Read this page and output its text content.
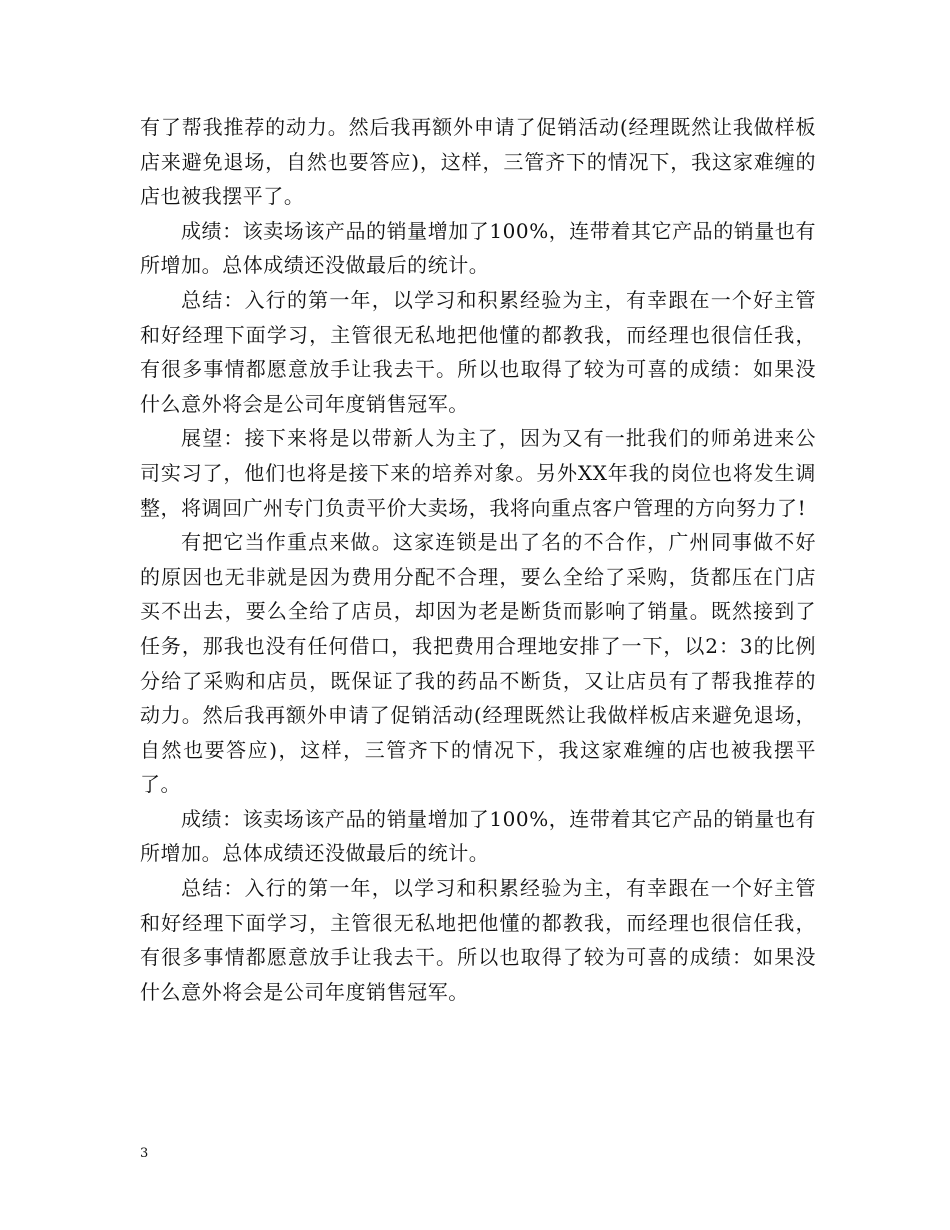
有了帮我推荐的动力。然后我再额外申请了促销活动(经理既然让我做样板店来避免退场，自然也要答应)，这样，三管齐下的情况下，我这家难缠的店也被我摆平了。

成绩：该卖场该产品的销量增加了100%，连带着其它产品的销量也有所增加。总体成绩还没做最后的统计。

总结：入行的第一年，以学习和积累经验为主，有幸跟在一个好主管和好经理下面学习，主管很无私地把他懂的都教我，而经理也很信任我，有很多事情都愿意放手让我去干。所以也取得了较为可喜的成绩：如果没什么意外将会是公司年度销售冠军。

展望：接下来将是以带新人为主了，因为又有一批我们的师弟进来公司实习了，他们也将是接下来的培养对象。另外XX年我的岗位也将发生调整，将调回广州专门负责平价大卖场，我将向重点客户管理的方向努力了!

有把它当作重点来做。这家连锁是出了名的不合作，广州同事做不好的原因也无非就是因为费用分配不合理，要么全给了采购，货都压在门店买不出去，要么全给了店员，却因为老是断货而影响了销量。既然接到了任务，那我也没有任何借口，我把费用合理地安排了一下，以2：3的比例分给了采购和店员，既保证了我的药品不断货，又让店员有了帮我推荐的动力。然后我再额外申请了促销活动(经理既然让我做样板店来避免退场，自然也要答应)，这样，三管齐下的情况下，我这家难缠的店也被我摆平了。

成绩：该卖场该产品的销量增加了100%，连带着其它产品的销量也有所增加。总体成绩还没做最后的统计。

总结：入行的第一年，以学习和积累经验为主，有幸跟在一个好主管和好经理下面学习，主管很无私地把他懂的都教我，而经理也很信任我，有很多事情都愿意放手让我去干。所以也取得了较为可喜的成绩：如果没什么意外将会是公司年度销售冠军。

3
